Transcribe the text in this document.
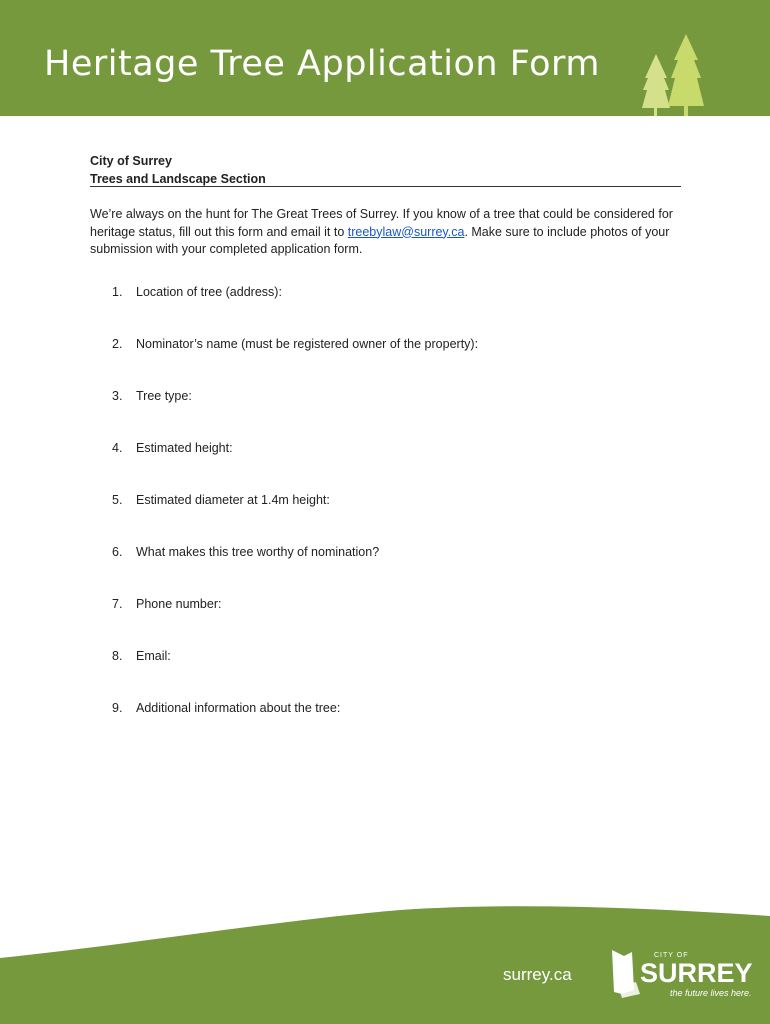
Heritage Tree Application Form
City of Surrey
Trees and Landscape Section
We’re always on the hunt for The Great Trees of Surrey. If you know of a tree that could be considered for heritage status, fill out this form and email it to treebylaw@surrey.ca. Make sure to include photos of your submission with your completed application form.
1. Location of tree (address):
2. Nominator’s name (must be registered owner of the property):
3. Tree type:
4. Estimated height:
5. Estimated diameter at 1.4m height:
6. What makes this tree worthy of nomination?
7. Phone number:
8. Email:
9. Additional information about the tree:
surrey.ca
CITY OF
SURREY
the future lives here.
